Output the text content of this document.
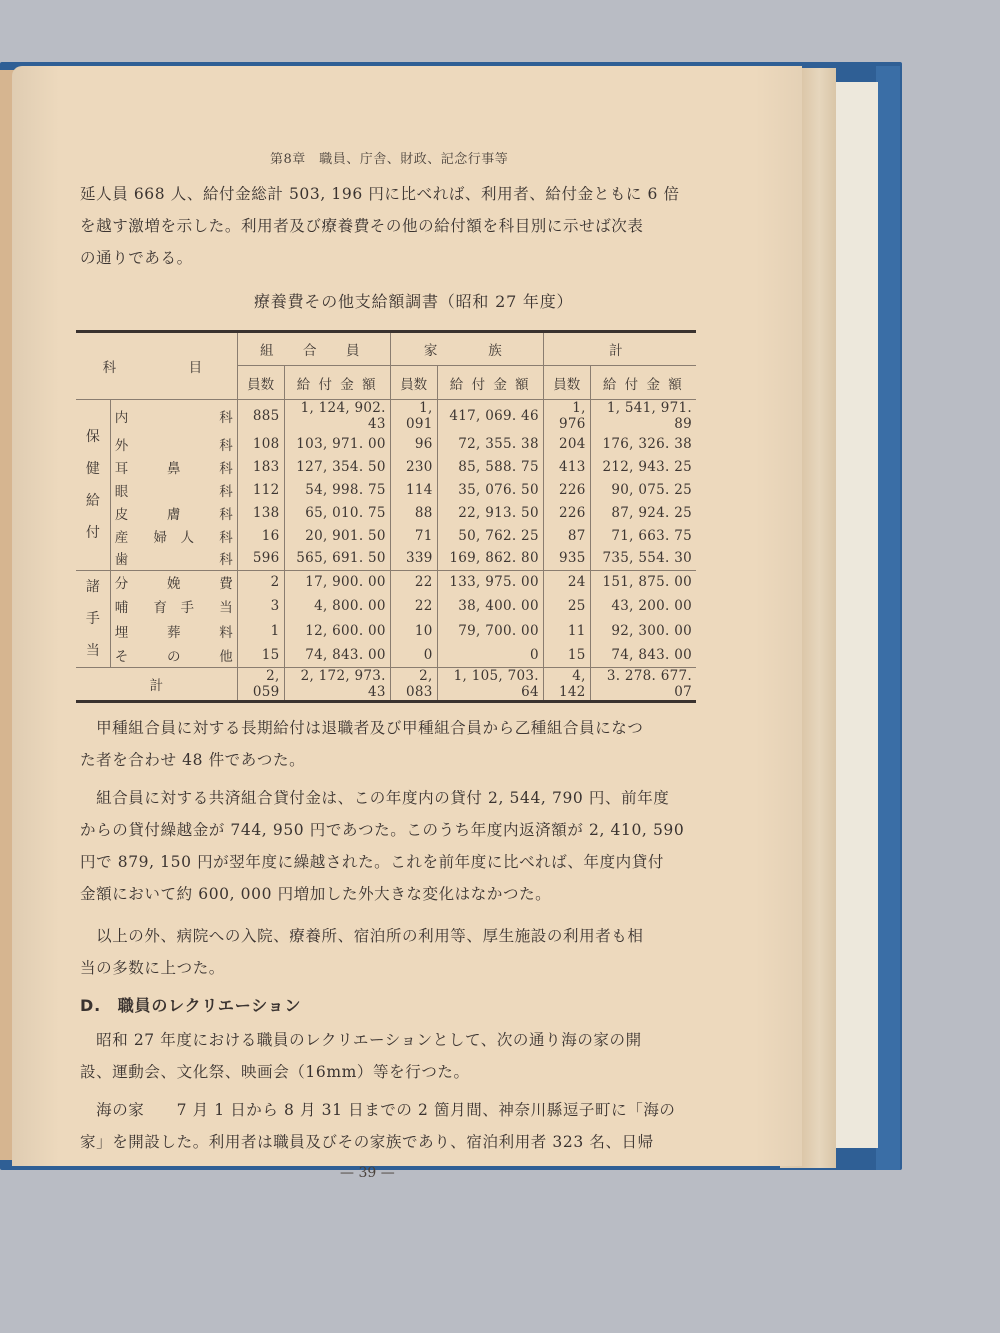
第8章　職員、庁舎、財政、記念行事等
延人員 668 人、給付金総計 503, 196 円に比べれば、利用者、給付金ともに 6 倍
を越す激増を示した。利用者及び療養費その他の給付額を科目別に示せば次表
の通りである。
療養費その他支給額調書（昭和 27 年度）
科　　　目		組　合　員		家　　族		計	
		員数	給 付 金 額	員数	給 付 金 額	員数	給 付 金 額

保
健
給
付

内	科	885	1, 124, 902. 43	1, 091	417, 069. 46	1, 976	1, 541, 971. 89

	外 科	108	103, 971. 00	96	72, 355. 38	204	176, 326. 38

	耳 鼻 科	183	127, 354. 50	230	85, 588. 75	413	212, 943. 25

	眼 科	112	54, 998. 75	114	35, 076. 50	226	90, 075. 25

	皮 膚 科	138	65, 010. 75	88	22, 913. 50	226	87, 924. 25

	産 婦　人 科	16	20, 901. 50	71	50, 762. 25	87	71, 663. 75

	歯 科	596	565, 691. 50	339	169, 862. 80	935	735, 554. 30

諸
手
当

分	娩	費	2	17, 900. 00	22	133, 975. 00	24	151, 875. 00

	哺 育　手 当	3	4, 800. 00	22	38, 400. 00	25	43, 200. 00

	埋 葬 料	1	12, 600. 00	10	79, 700. 00	11	92, 300. 00

	そ の 他	15	74, 843. 00	0	0	15	74, 843. 00
計		2, 059	2, 172, 973. 43	2, 083	1, 105, 703. 64	4, 142	3. 278. 677. 07
　甲種組合員に対する長期給付は退職者及び甲種組合員から乙種組合員になつ
た者を合わせ 48 件であつた。
　組合員に対する共済組合貸付金は、この年度内の貸付 2, 544, 790 円、前年度
からの貸付繰越金が 744, 950 円であつた。このうち年度内返済額が 2, 410, 590
円で 879, 150 円が翌年度に繰越された。これを前年度に比べれば、年度内貸付
金額において約 600, 000 円増加した外大きな変化はなかつた。
　以上の外、病院への入院、療養所、宿泊所の利用等、厚生施設の利用者も相
当の多数に上つた。
D.　職員のレクリエーション
　昭和 27 年度における職員のレクリエーションとして、次の通り海の家の開
設、運動会、文化祭、映画会（16mm）等を行つた。
　海の家　　7 月 1 日から 8 月 31 日までの 2 箇月間、神奈川縣逗子町に「海の
家」を開設した。利用者は職員及びその家族であり、宿泊利用者 323 名、日帰
— 39 —
